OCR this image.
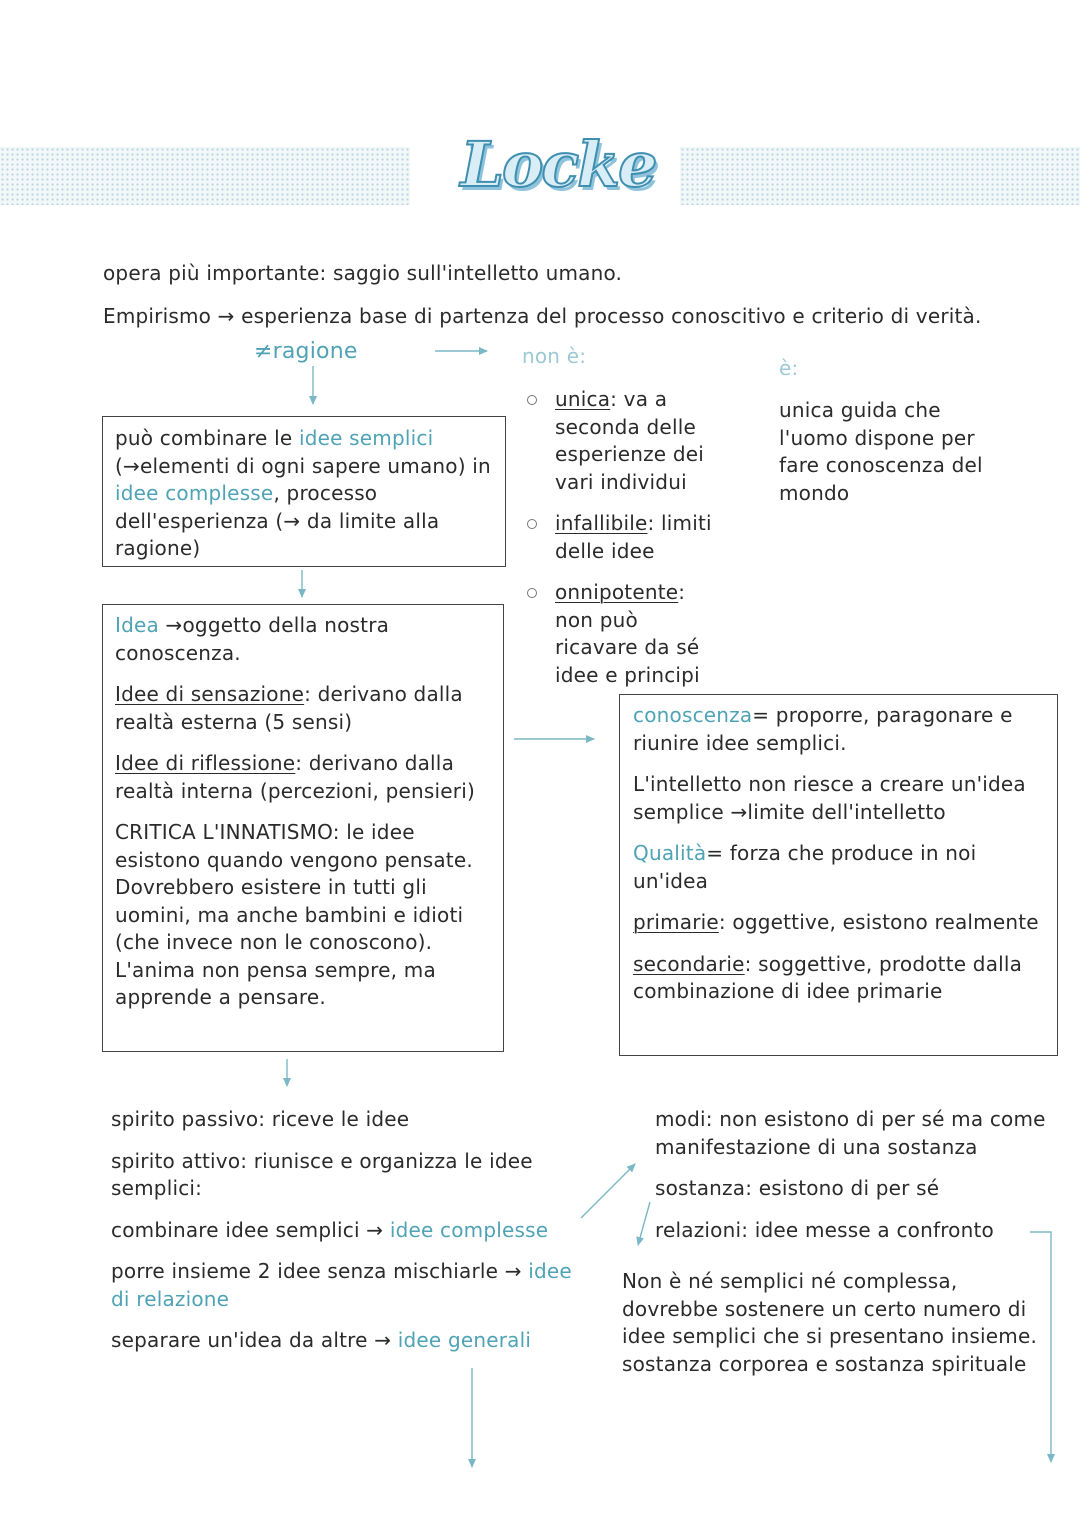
Locke
opera più importante: saggio sull'intelletto umano.
Empirismo → esperienza base di partenza del processo conoscitivo e criterio di verità.
≠ragione	non è:
unica: va a seconda delle esperienze dei vari individui
infallibile: limiti delle idee
onnipotente: non può ricavare da sé idee e principi
è:
unica guida che l'uomo dispone per fare conoscenza del mondo
può combinare le idee semplici (→elementi di ogni sapere umano) in idee complesse, processo dell'esperienza (→ da limite alla ragione)

Idea →oggetto della nostra conoscenza.

Idee di sensazione: derivano dalla realtà esterna (5 sensi)

Idee di riflessione: derivano dalla realtà interna (percezioni, pensieri)

CRITICA L'INNATISMO: le idee esistono quando vengono pensate. Dovrebbero esistere in tutti gli uomini, ma anche bambini e idioti (che invece non le conoscono). L'anima non pensa sempre, ma apprende a pensare.

conoscenza= proporre, paragonare e riunire idee semplici.

L'intelletto non riesce a creare un'idea semplice →limite dell'intelletto

Qualità= forza che produce in noi un'idea

primarie: oggettive, esistono realmente

secondarie: soggettive, prodotte dalla combinazione di idee primarie

spirito passivo: riceve le idee

spirito attivo: riunisce e organizza le idee semplici:

combinare idee semplici → idee complesse

porre insieme 2 idee senza mischiarle → idee di relazione

separare un'idea da altre → idee generali

modi: non esistono di per sé ma come manifestazione di una sostanza
sostanza: esistono di per sé
relazioni: idee messe a confronto
Non è né semplici né complessa, dovrebbe sostenere un certo numero di idee semplici che si presentano insieme. sostanza corporea e sostanza spirituale
